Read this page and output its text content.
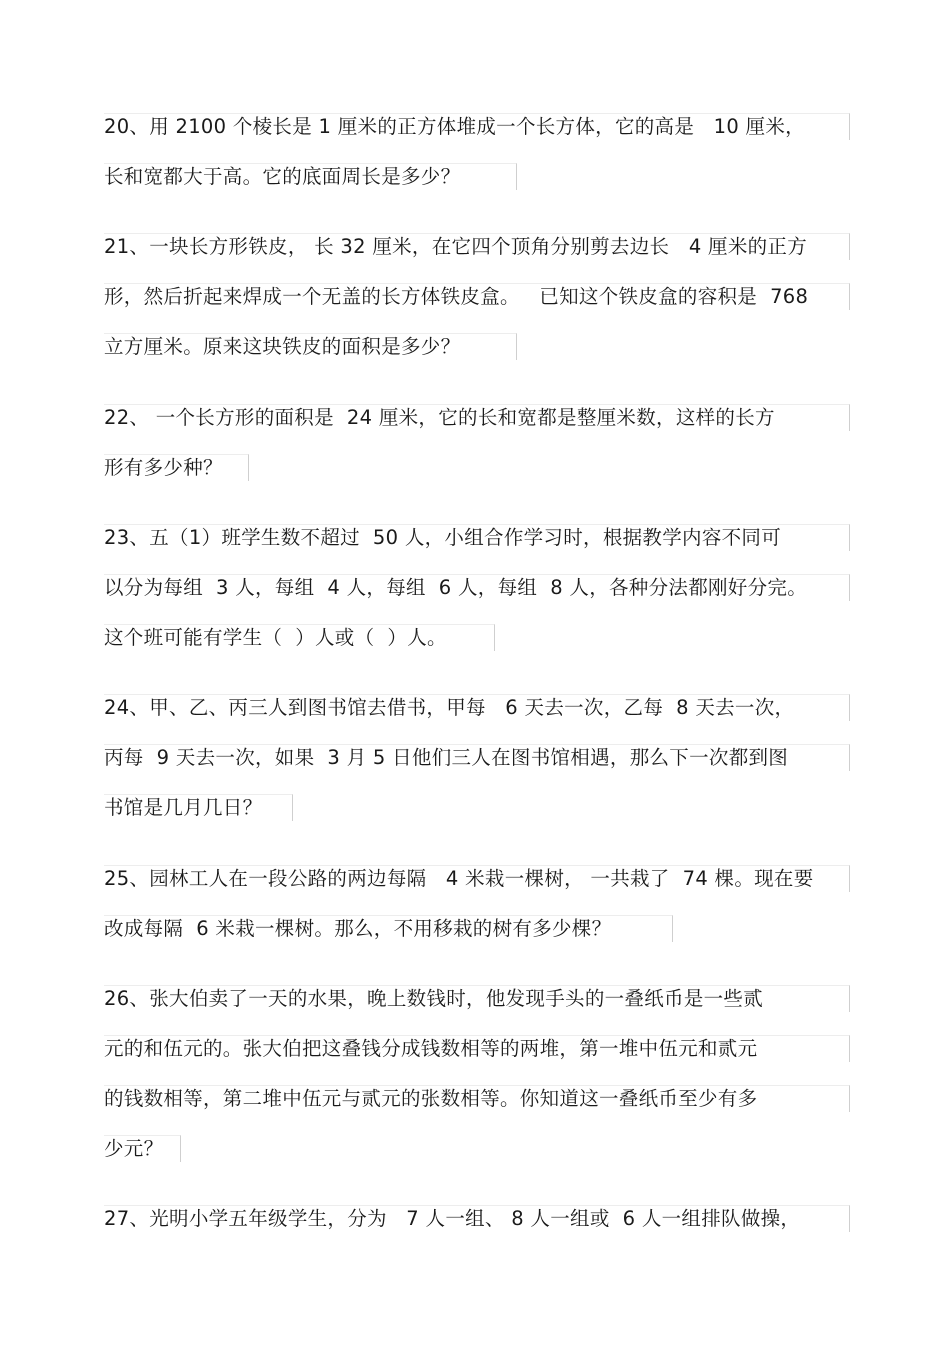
20、用 2100 个棱长是 1 厘米的正方体堆成一个长方体，它的高是   10 厘米，
长和宽都大于高。它的底面周长是多少？
21、一块长方形铁皮， 长 32 厘米，在它四个顶角分别剪去边长   4 厘米的正方
形，然后折起来焊成一个无盖的长方体铁皮盒。   已知这个铁皮盒的容积是  768
立方厘米。原来这块铁皮的面积是多少？
22、 一个长方形的面积是  24 厘米，它的长和宽都是整厘米数，这样的长方
形有多少种？
23、五（1）班学生数不超过  50 人，小组合作学习时，根据教学内容不同可
以分为每组  3 人，每组  4 人，每组  6 人，每组  8 人，各种分法都刚好分完。
这个班可能有学生（  ）人或（  ）人。
24、甲、乙、丙三人到图书馆去借书，甲每   6 天去一次，乙每  8 天去一次，
丙每  9 天去一次，如果  3 月 5 日他们三人在图书馆相遇，那么下一次都到图
书馆是几月几日？
25、园林工人在一段公路的两边每隔   4 米栽一棵树， 一共栽了  74 棵。现在要
改成每隔  6 米栽一棵树。那么，不用移栽的树有多少棵？
26、张大伯卖了一天的水果，晚上数钱时，他发现手头的一叠纸币是一些贰
元的和伍元的。张大伯把这叠钱分成钱数相等的两堆，第一堆中伍元和贰元
的钱数相等，第二堆中伍元与贰元的张数相等。你知道这一叠纸币至少有多
少元？
27、光明小学五年级学生，分为   7 人一组、 8 人一组或  6 人一组排队做操，
